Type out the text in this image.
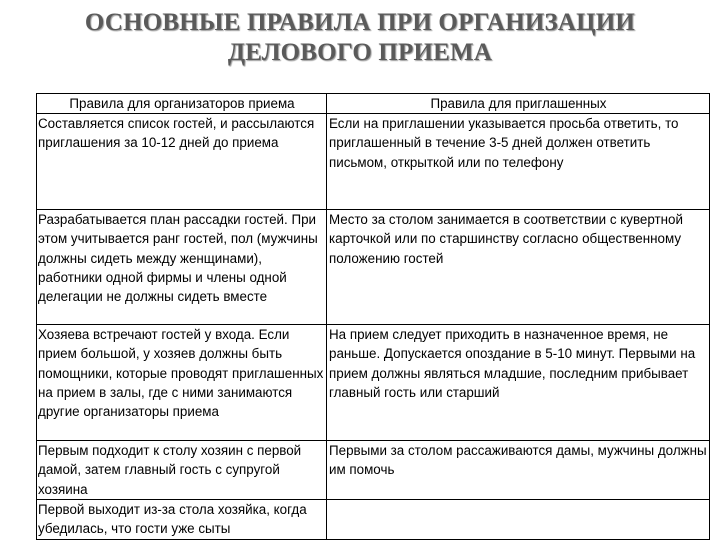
ОСНОВНЫЕ ПРАВИЛА ПРИ ОРГАНИЗАЦИИ
ДЕЛОВОГО ПРИЕМА
Правила для организаторов приема	Правила для приглашенных
Составляется список гостей, и рассылаются приглашения за 10-12 дней до приема	Если на приглашении указывается просьба ответить, то приглашенный в течение 3-5 дней должен ответить письмом, открыткой или по телефону
Разрабатывается план рассадки гостей. При этом учитывается ранг гостей, пол (мужчины должны сидеть между женщинами), работники одной фирмы и члены одной делегации не должны сидеть вместе	Место за столом занимается в соответствии с кувертной карточкой или по старшинству согласно общественному положению гостей
Хозяева встречают гостей у входа. Если прием большой, у хозяев должны быть помощники, которые проводят приглашенных на прием в залы, где с ними занимаются другие организаторы приема	На прием следует приходить в назначенное время, не раньше. Допускается опоздание в 5-10 минут. Первыми на прием должны являться младшие, последним прибывает главный гость или старший
Первым подходит к столу хозяин с первой дамой, затем главный гость с супругой хозяина	Первыми за столом рассаживаются дамы, мужчины должны им помочь
Первой выходит из-за стола хозяйка, когда убедилась, что гости уже сыты	
